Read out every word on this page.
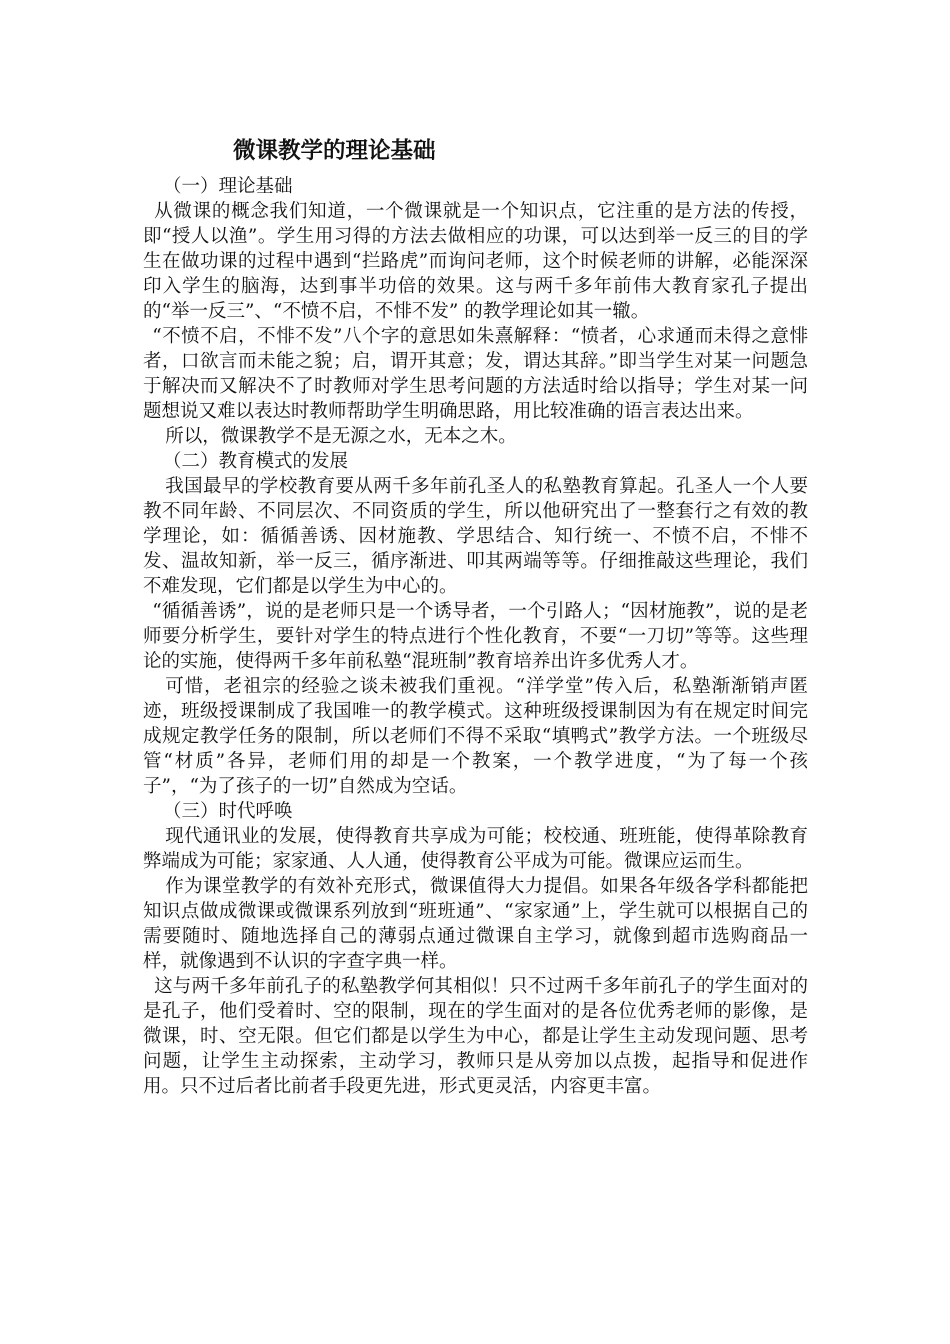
微课教学的理论基础

（一）理论基础

从微课的概念我们知道，一个微课就是一个知识点，它注重的是方法的传授，即“授人以渔”。学生用习得的方法去做相应的功课，可以达到举一反三的目的学生在做功课的过程中遇到“拦路虎”而询问老师，这个时候老师的讲解，必能深深印入学生的脑海，达到事半功倍的效果。这与两千多年前伟大教育家孔子提出的“举一反三”、“不愤不启，不悱不发” 的教学理论如其一辙。

“不愤不启，不悱不发”八个字的意思如朱熹解释：“愤者，心求通而未得之意悱者，口欲言而未能之貌；启，谓开其意；发，谓达其辞。”即当学生对某一问题急于解决而又解决不了时教师对学生思考问题的方法适时给以指导；学生对某一问题想说又难以表达时教师帮助学生明确思路，用比较准确的语言表达出来。

所以，微课教学不是无源之水，无本之木。

（二）教育模式的发展

我国最早的学校教育要从两千多年前孔圣人的私塾教育算起。孔圣人一个人要教不同年龄、不同层次、不同资质的学生，所以他研究出了一整套行之有效的教学理论，如：循循善诱、因材施教、学思结合、知行统一、不愤不启，不悱不发、温故知新，举一反三，循序渐进、叩其两端等等。仔细推敲这些理论，我们不难发现，它们都是以学生为中心的。

“循循善诱”，说的是老师只是一个诱导者，一个引路人；“因材施教”，说的是老师要分析学生，要针对学生的特点进行个性化教育，不要“一刀切”等等。这些理论的实施，使得两千多年前私塾“混班制”教育培养出许多优秀人才。

可惜，老祖宗的经验之谈未被我们重视。“洋学堂”传入后，私塾渐渐销声匿迹，班级授课制成了我国唯一的教学模式。这种班级授课制因为有在规定时间完成规定教学任务的限制，所以老师们不得不采取“填鸭式”教学方法。一个班级尽管“材质”各异，老师们用的却是一个教案，一个教学进度，“为了每一个孩子”，“为了孩子的一切”自然成为空话。

（三）时代呼唤

现代通讯业的发展，使得教育共享成为可能；校校通、班班能，使得革除教育弊端成为可能；家家通、人人通，使得教育公平成为可能。微课应运而生。

作为课堂教学的有效补充形式，微课值得大力提倡。如果各年级各学科都能把知识点做成微课或微课系列放到“班班通”、“家家通”上，学生就可以根据自己的需要随时、随地选择自己的薄弱点通过微课自主学习，就像到超市选购商品一样，就像遇到不认识的字查字典一样。

这与两千多年前孔子的私塾教学何其相似！只不过两千多年前孔子的学生面对的是孔子，他们受着时、空的限制，现在的学生面对的是各位优秀老师的影像，是微课，时、空无限。但它们都是以学生为中心，都是让学生主动发现问题、思考问题，让学生主动探索，主动学习，教师只是从旁加以点拨，起指导和促进作用。只不过后者比前者手段更先进，形式更灵活，内容更丰富。
